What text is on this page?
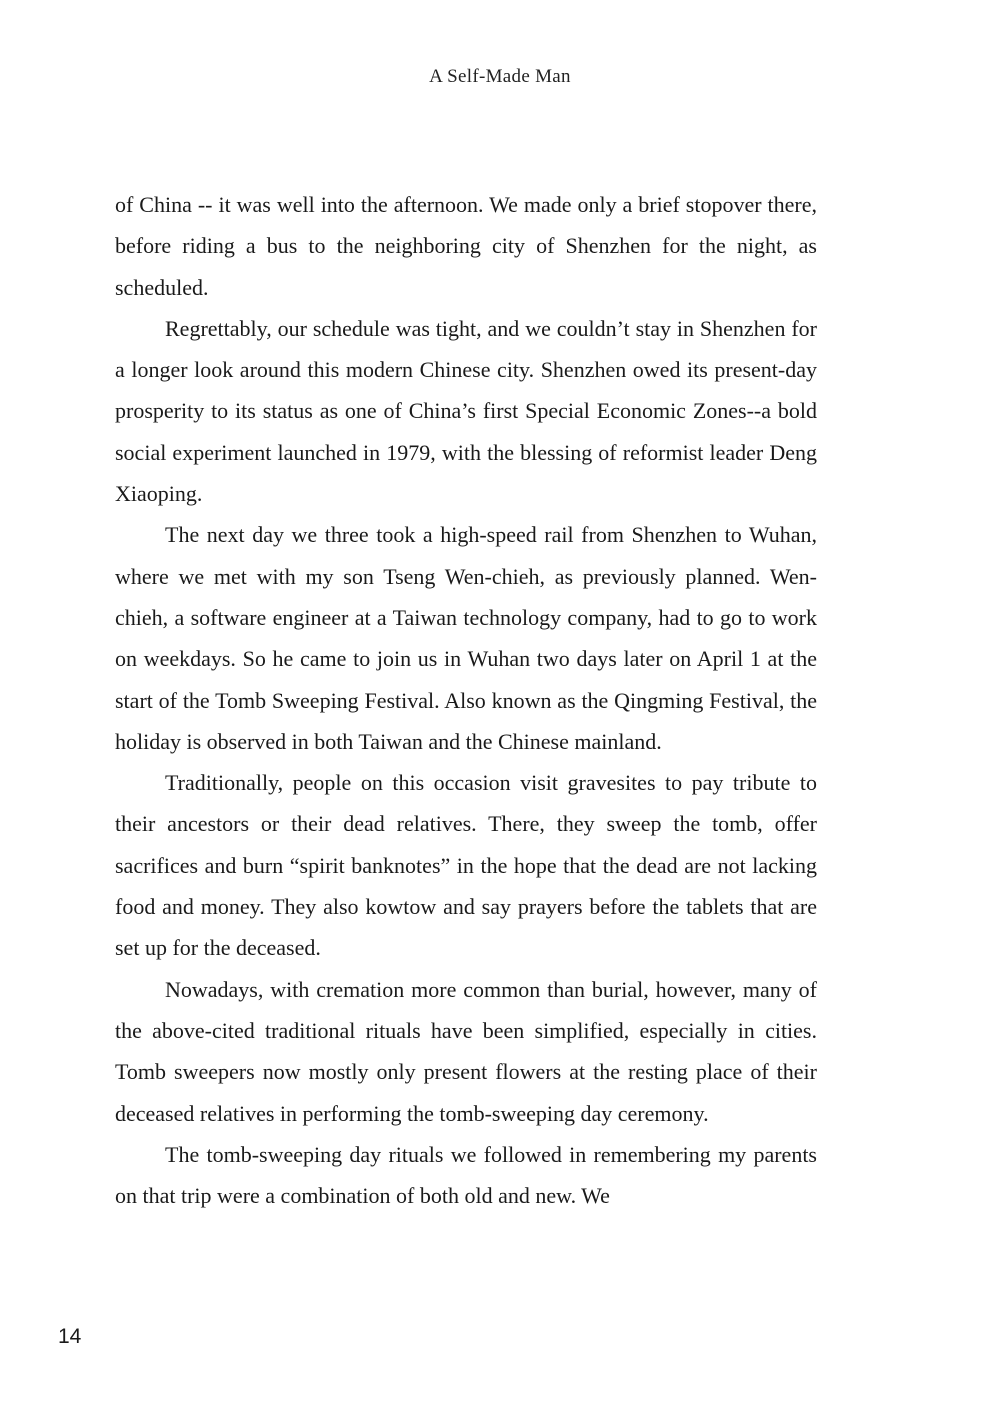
A Self-Made Man

of China -- it was well into the afternoon. We made only a brief stopover there, before riding a bus to the neighboring city of Shenzhen for the night, as scheduled.

Regrettably, our schedule was tight, and we couldn’t stay in Shenzhen for a longer look around this modern Chinese city. Shenzhen owed its present-day prosperity to its status as one of China’s first Special Economic Zones--a bold social experiment launched in 1979, with the blessing of reformist leader Deng Xiaoping.

The next day we three took a high-speed rail from Shenzhen to Wuhan, where we met with my son Tseng Wen-chieh, as previously planned. Wen-chieh, a software engineer at a Taiwan technology company, had to go to work on weekdays. So he came to join us in Wuhan two days later on April 1 at the start of the Tomb Sweeping Festival. Also known as the Qingming Festival, the holiday is observed in both Taiwan and the Chinese mainland.

Traditionally, people on this occasion visit gravesites to pay tribute to their ancestors or their dead relatives. There, they sweep the tomb, offer sacrifices and burn “spirit banknotes” in the hope that the dead are not lacking food and money. They also kowtow and say prayers before the tablets that are set up for the deceased.

Nowadays, with cremation more common than burial, however, many of the above-cited traditional rituals have been simplified, especially in cities. Tomb sweepers now mostly only present flowers at the resting place of their deceased relatives in performing the tomb-sweeping day ceremony.

The tomb-sweeping day rituals we followed in remembering my parents on that trip were a combination of both old and new. We

14
